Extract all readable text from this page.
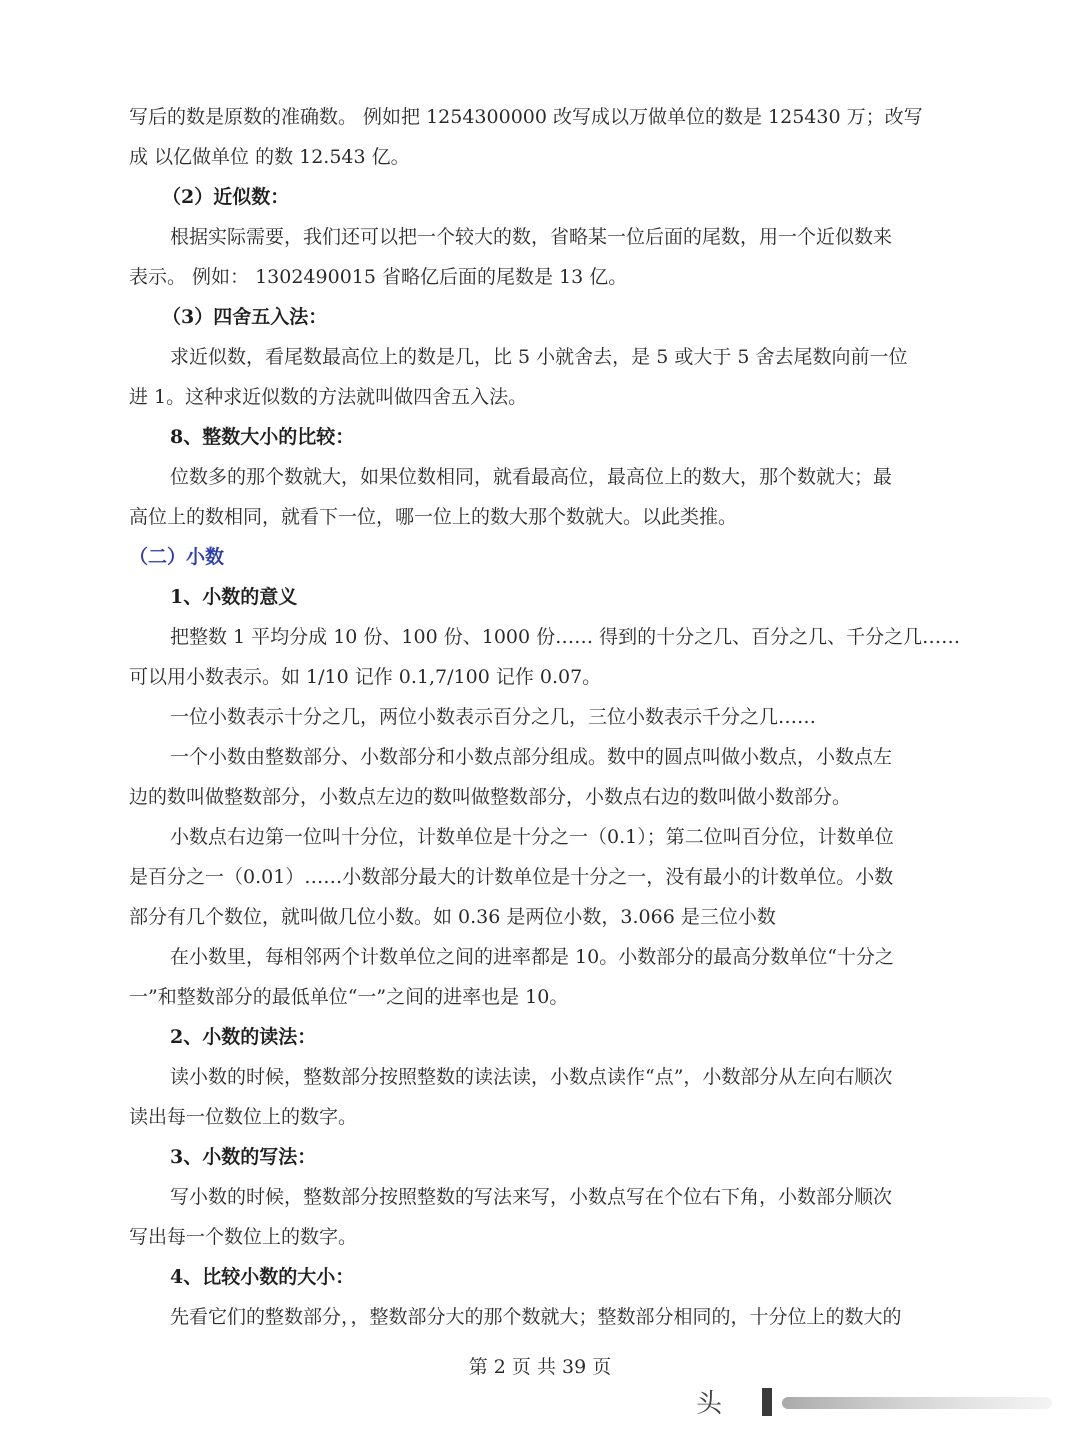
写后的数是原数的准确数。 例如把 1254300000 改写成以万做单位的数是 125430 万；改写
成 以亿做单位 的数 12.543 亿。
（2）近似数：
根据实际需要，我们还可以把一个较大的数，省略某一位后面的尾数，用一个近似数来
表示。 例如： 1302490015 省略亿后面的尾数是 13 亿。
（3）四舍五入法：
求近似数，看尾数最高位上的数是几，比 5 小就舍去，是 5 或大于 5 舍去尾数向前一位
进 1。这种求近似数的方法就叫做四舍五入法。
8、整数大小的比较：
位数多的那个数就大，如果位数相同，就看最高位，最高位上的数大，那个数就大；最
高位上的数相同，就看下一位，哪一位上的数大那个数就大。以此类推。
（二）小数
1、小数的意义
把整数 1 平均分成 10 份、100 份、1000 份…… 得到的十分之几、百分之几、千分之几……
可以用小数表示。如 1/10 记作 0.1,7/100 记作 0.07。
一位小数表示十分之几，两位小数表示百分之几，三位小数表示千分之几……
一个小数由整数部分、小数部分和小数点部分组成。数中的圆点叫做小数点，小数点左
边的数叫做整数部分，小数点左边的数叫做整数部分，小数点右边的数叫做小数部分。
小数点右边第一位叫十分位，计数单位是十分之一（0.1）；第二位叫百分位，计数单位
是百分之一（0.01）……小数部分最大的计数单位是十分之一，没有最小的计数单位。小数
部分有几个数位，就叫做几位小数。如 0.36 是两位小数，3.066 是三位小数
在小数里，每相邻两个计数单位之间的进率都是 10。小数部分的最高分数单位“十分之
一”和整数部分的最低单位“一”之间的进率也是 10。
2、小数的读法：
读小数的时候，整数部分按照整数的读法读，小数点读作“点”，小数部分从左向右顺次
读出每一位数位上的数字。
3、小数的写法：
写小数的时候，整数部分按照整数的写法来写，小数点写在个位右下角，小数部分顺次
写出每一个数位上的数字。
4、比较小数的大小：
先看它们的整数部分，，整数部分大的那个数就大；整数部分相同的，十分位上的数大的
第 2 页 共 39 页
头
